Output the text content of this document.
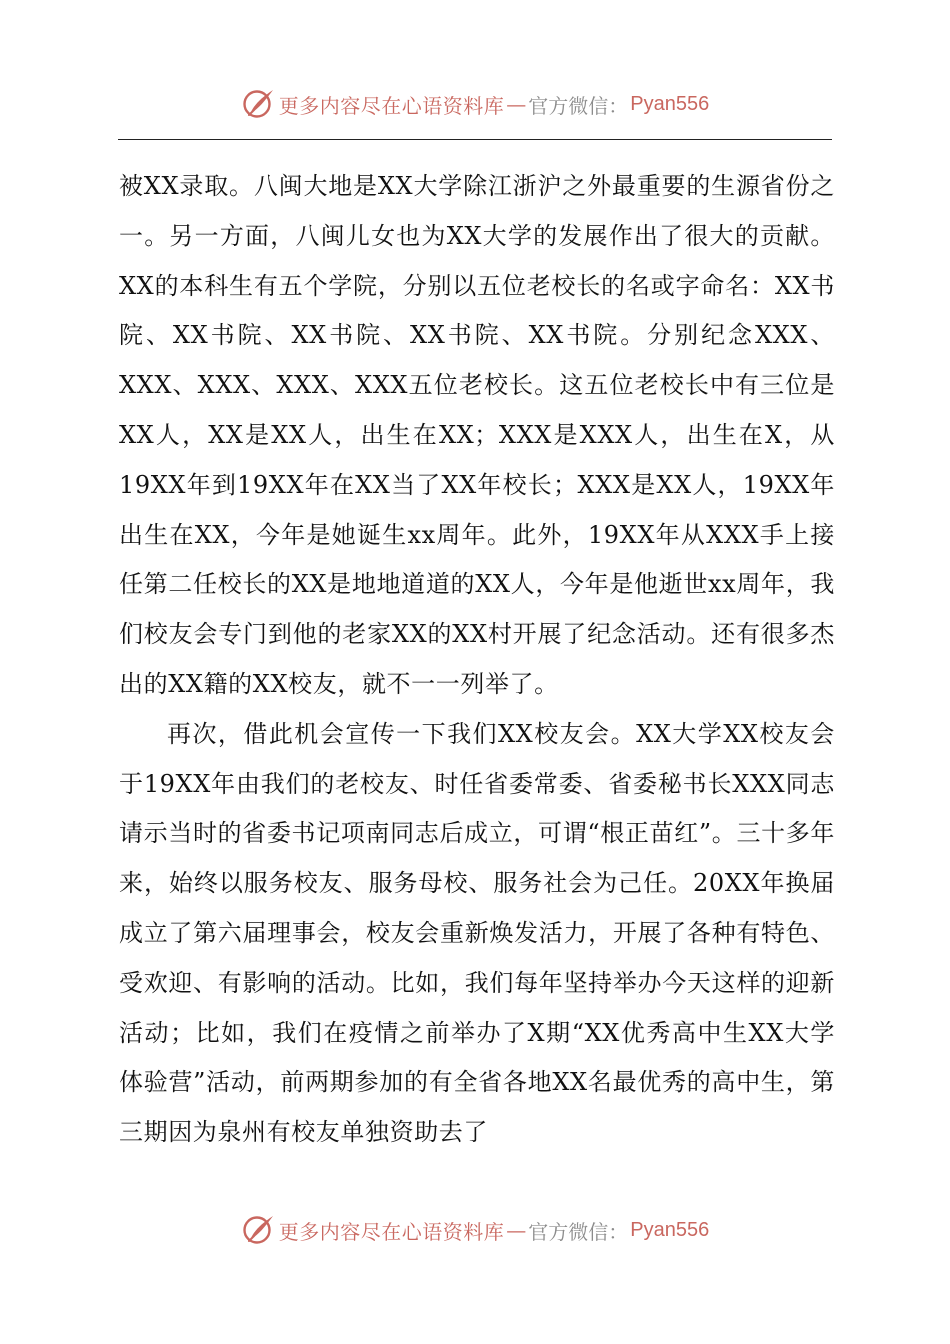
更多内容尽在心语资料库 — 官方微信： Pyan556

被XX录取。八闽大地是XX大学除江浙沪之外最重要的生源省份之一。另一方面，八闽儿女也为XX大学的发展作出了很大的贡献。XX的本科生有五个学院，分别以五位老校长的名或字命名：XX书院、XX书院、XX书院、XX书院、XX书院。分别纪念XXX、XXX、XXX、XXX、XXX五位老校长。这五位老校长中有三位是XX人，XX是XX人，出生在XX；XXX是XXX人，出生在X，从19XX年到19XX年在XX当了XX年校长；XXX是XX人，19XX年出生在XX，今年是她诞生xx周年。此外，19XX年从XXX手上接任第二任校长的XX是地地道道的XX人，今年是他逝世xx周年，我们校友会专门到他的老家XX的XX村开展了纪念活动。还有很多杰出的XX籍的XX校友，就不一一列举了。

再次，借此机会宣传一下我们XX校友会。XX大学XX校友会于19XX年由我们的老校友、时任省委常委、省委秘书长XXX同志请示当时的省委书记项南同志后成立，可谓“根正苗红”。三十多年来，始终以服务校友、服务母校、服务社会为己任。20XX年换届成立了第六届理事会，校友会重新焕发活力，开展了各种有特色、受欢迎、有影响的活动。比如，我们每年坚持举办今天这样的迎新活动；比如，我们在疫情之前举办了X期“XX优秀高中生XX大学体验营”活动，前两期参加的有全省各地XX名最优秀的高中生，第三期因为泉州有校友单独资助去了

更多内容尽在心语资料库 — 官方微信： Pyan556
